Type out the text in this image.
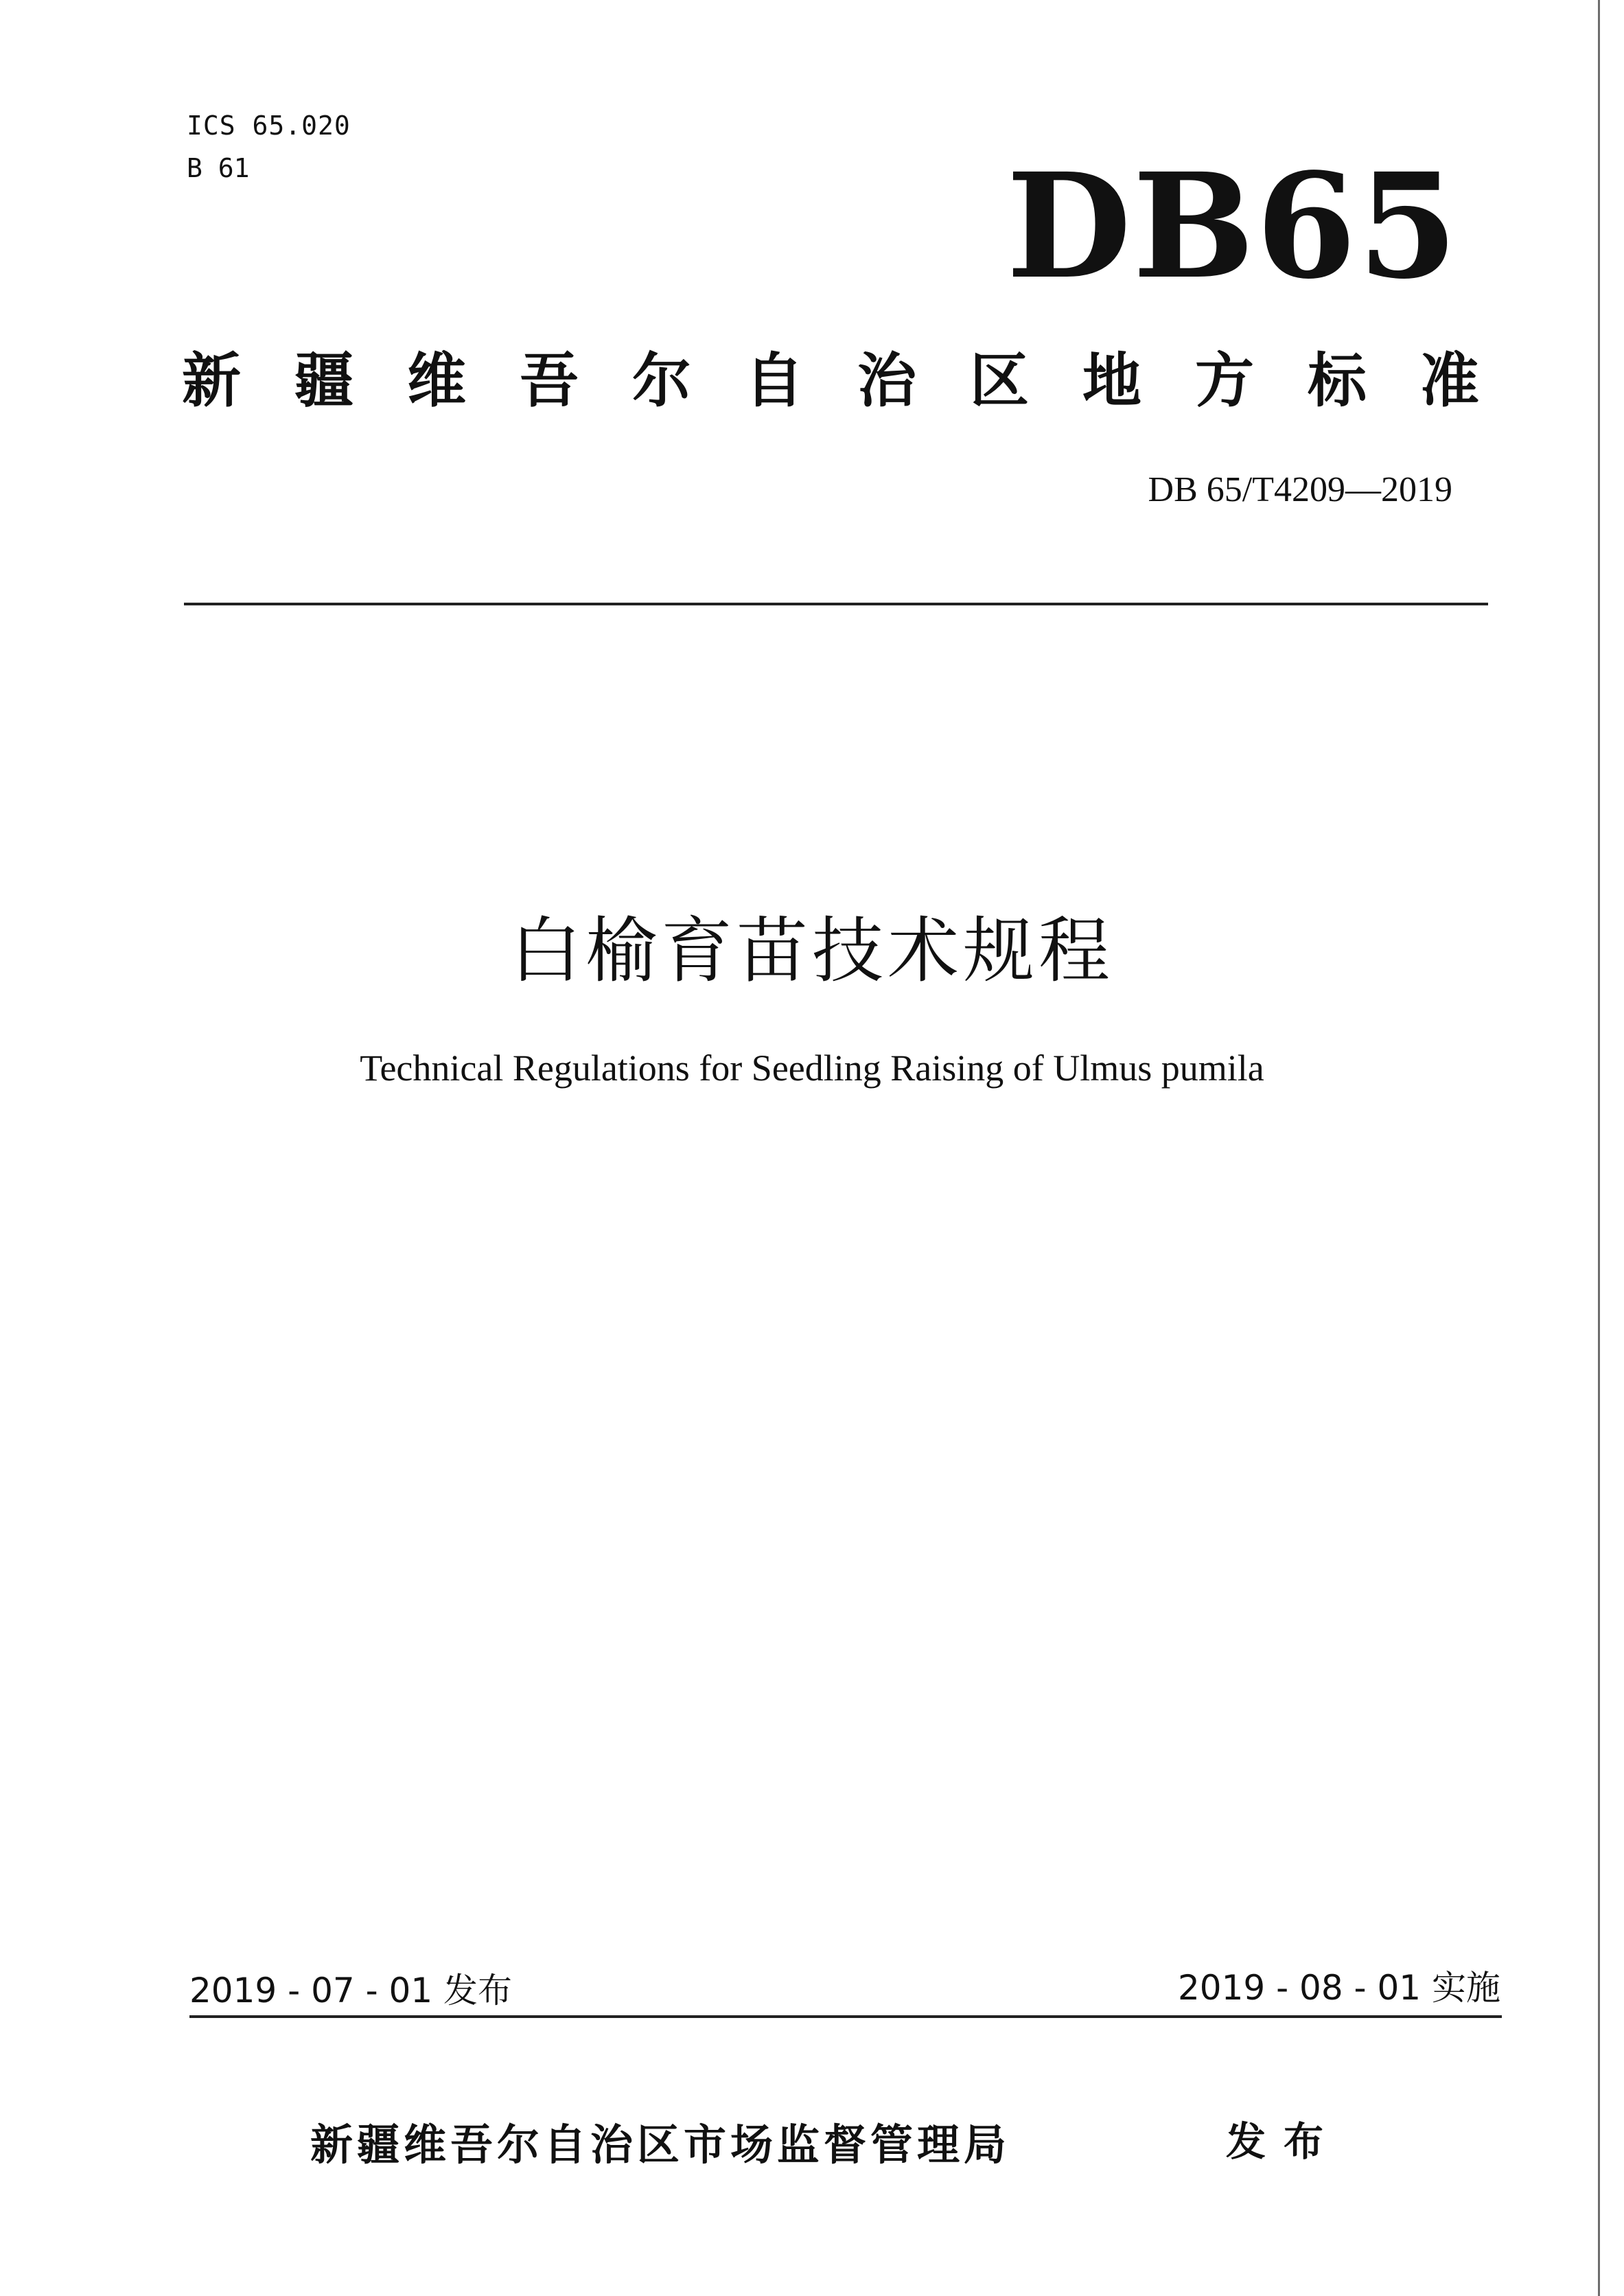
ICS 65.020
B 61	DB65
新 疆 维 吾 尔 自 治 区 地 方 标 准
DB 65/T4209—2019
白榆育苗技术规程
Technical Regulations for Seedling Raising of Ulmus pumila
2019 - 07 - 01 发布	2019 - 08 - 01 实施
新疆维吾尔自治区市场监督管理局	发布
